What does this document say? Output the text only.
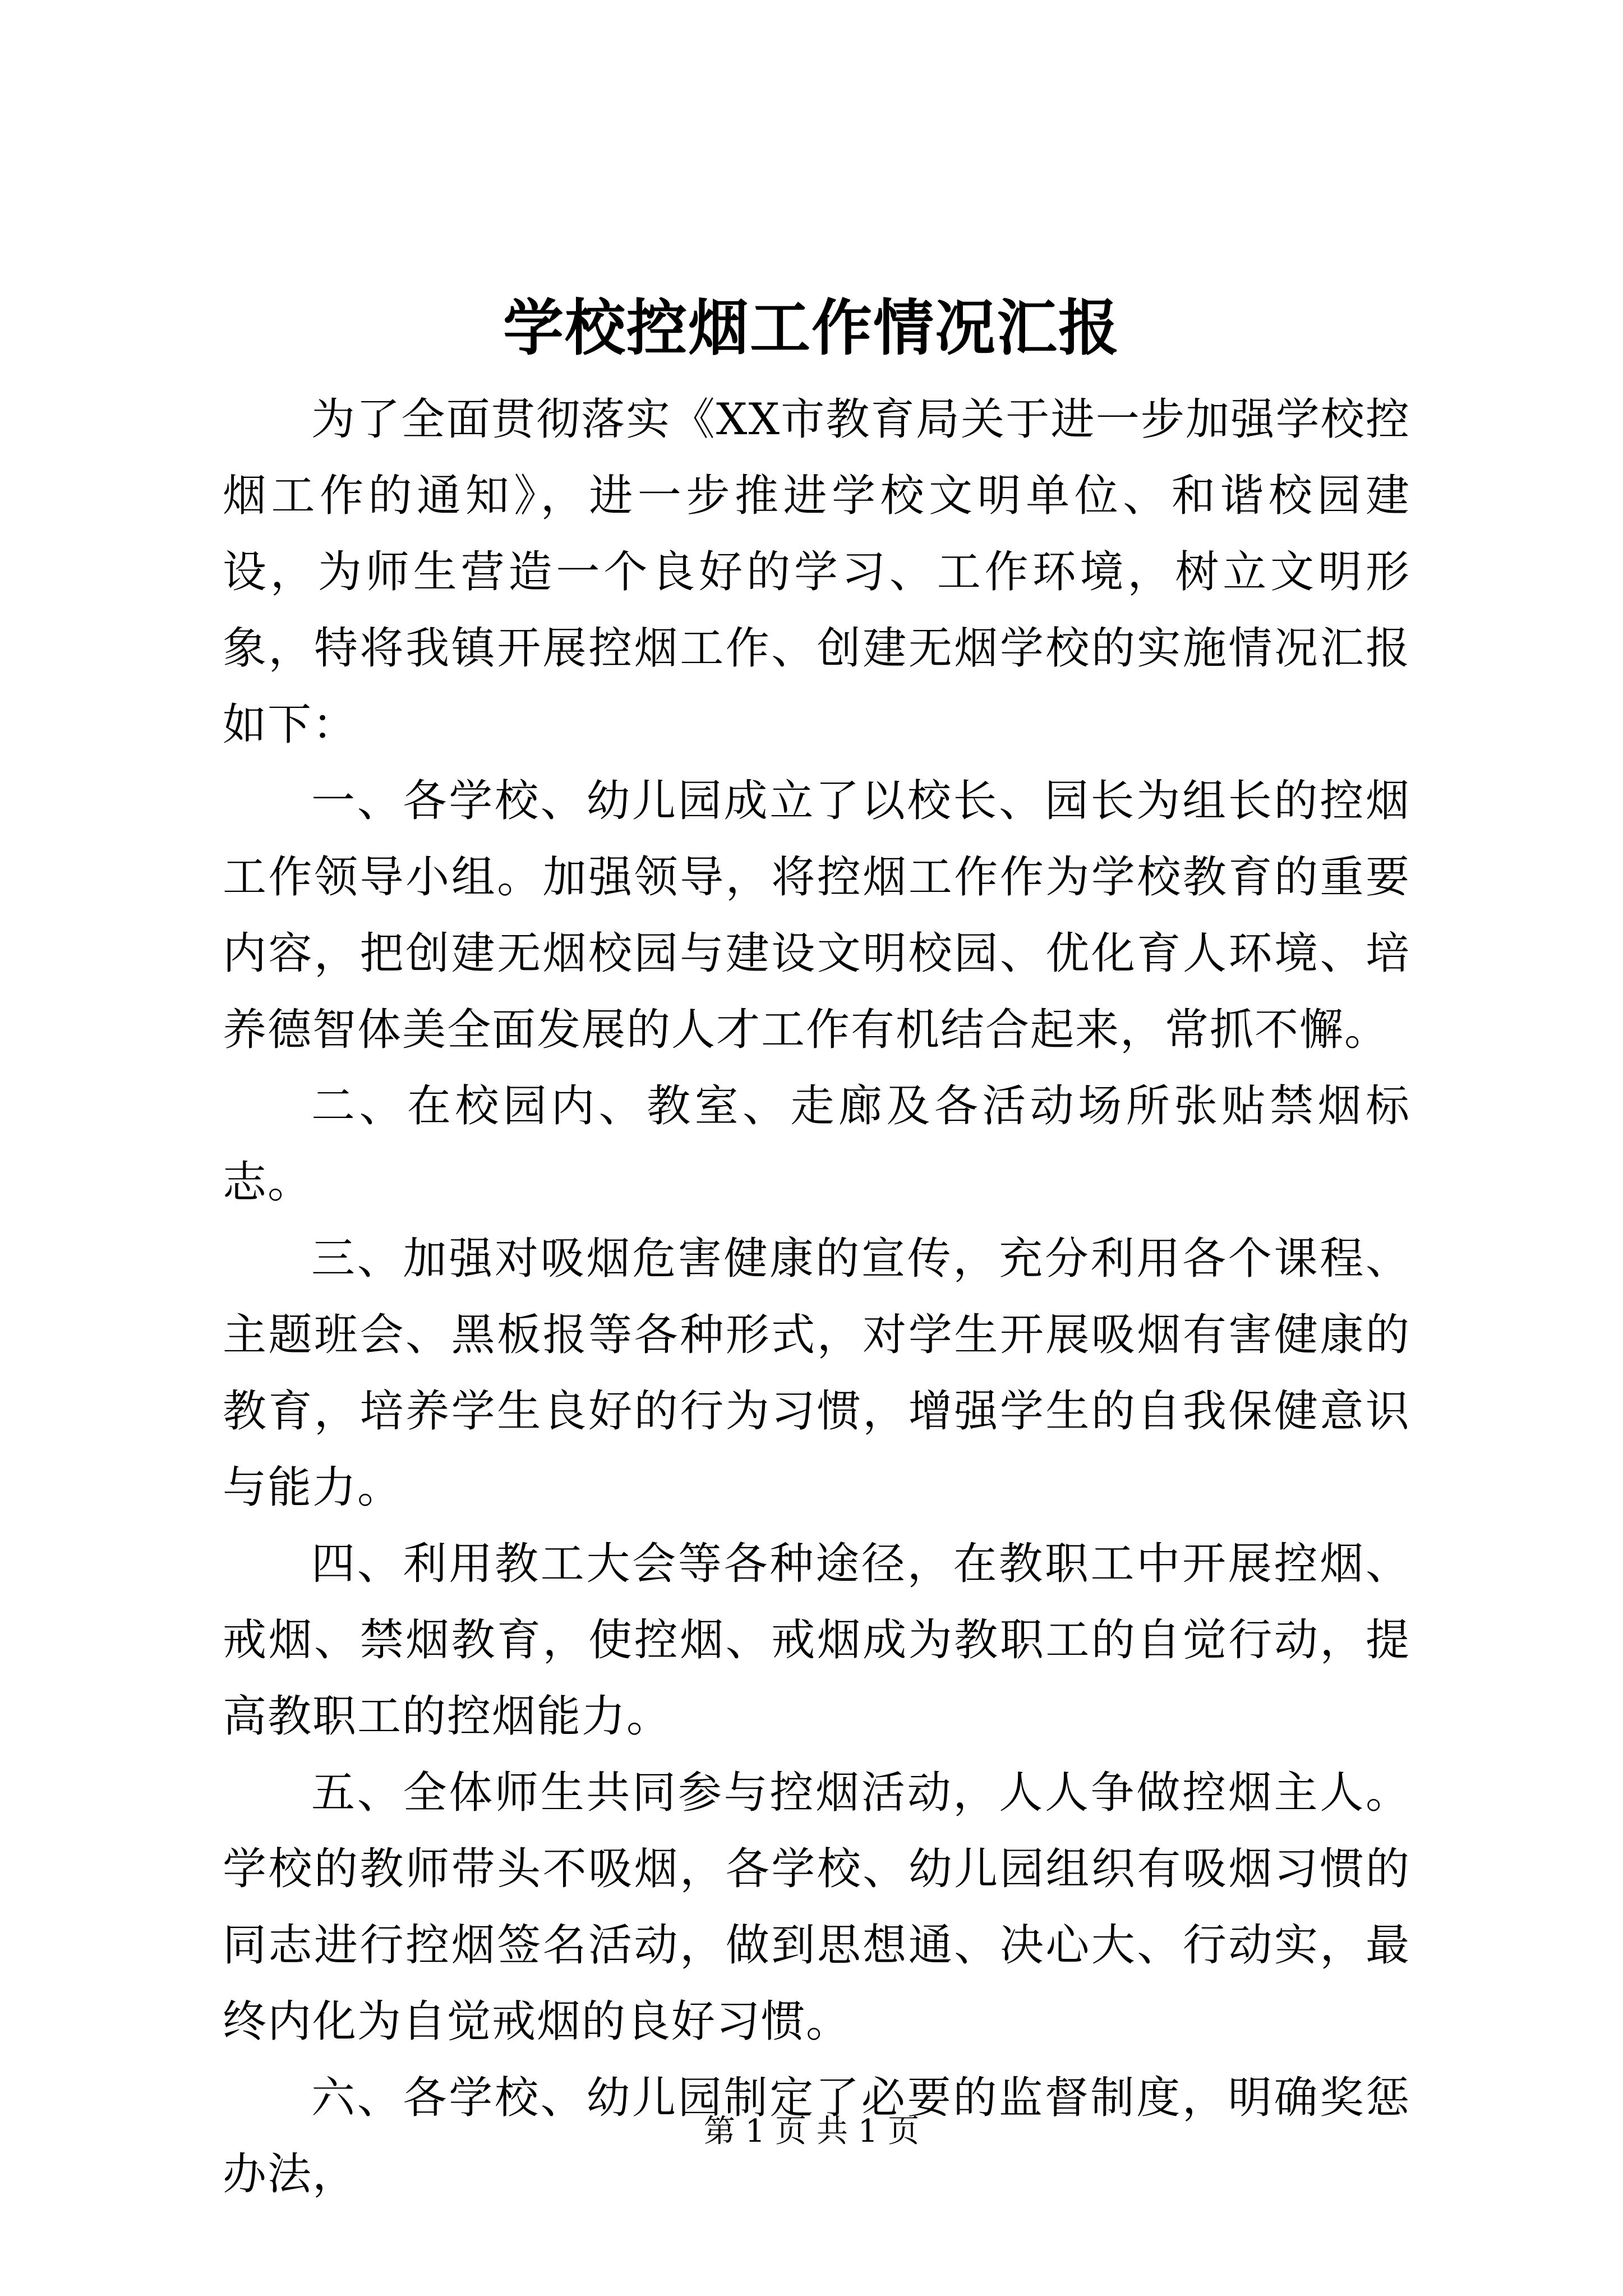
学校控烟工作情况汇报

为了全面贯彻落实《XX市教育局关于进一步加强学校控烟工作的通知》，进一步推进学校文明单位、和谐校园建设，为师生营造一个良好的学习、工作环境，树立文明形象，特将我镇开展控烟工作、创建无烟学校的实施情况汇报如下：

一、各学校、幼儿园成立了以校长、园长为组长的控烟工作领导小组。加强领导，将控烟工作作为学校教育的重要内容，把创建无烟校园与建设文明校园、优化育人环境、培养德智体美全面发展的人才工作有机结合起来，常抓不懈。

二、在校园内、教室、走廊及各活动场所张贴禁烟标志。

三、加强对吸烟危害健康的宣传，充分利用各个课程、主题班会、黑板报等各种形式，对学生开展吸烟有害健康的教育，培养学生良好的行为习惯，增强学生的自我保健意识与能力。

四、利用教工大会等各种途径，在教职工中开展控烟、戒烟、禁烟教育，使控烟、戒烟成为教职工的自觉行动，提高教职工的控烟能力。

五、全体师生共同参与控烟活动，人人争做控烟主人。学校的教师带头不吸烟，各学校、幼儿园组织有吸烟习惯的同志进行控烟签名活动，做到思想通、决心大、行动实，最终内化为自觉戒烟的良好习惯。

六、各学校、幼儿园制定了必要的监督制度，明确奖惩办法，

第 1 页 共 1 页
